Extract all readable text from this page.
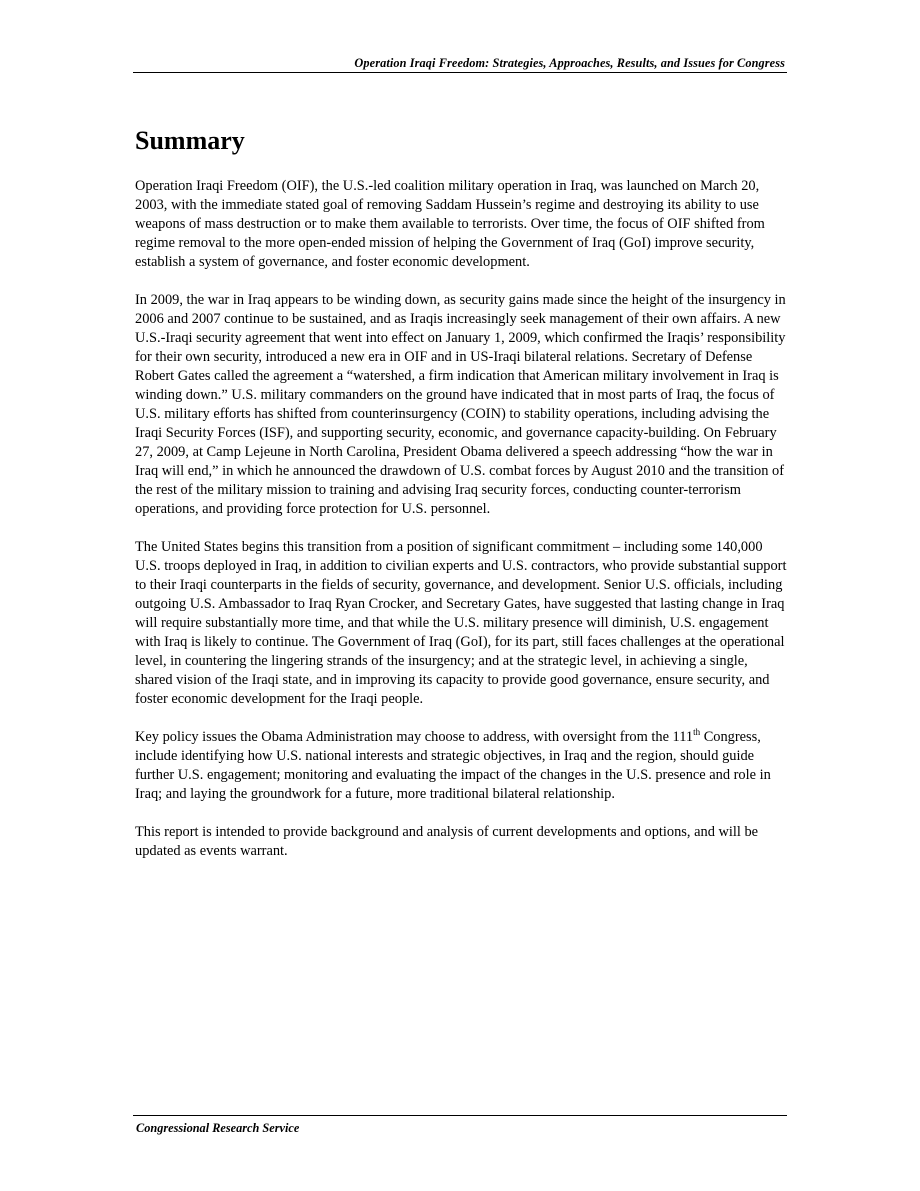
Operation Iraqi Freedom: Strategies, Approaches, Results, and Issues for Congress
Summary

Operation Iraqi Freedom (OIF), the U.S.-led coalition military operation in Iraq, was launched on March 20, 2003, with the immediate stated goal of removing Saddam Hussein’s regime and destroying its ability to use weapons of mass destruction or to make them available to terrorists. Over time, the focus of OIF shifted from regime removal to the more open-ended mission of helping the Government of Iraq (GoI) improve security, establish a system of governance, and foster economic development.

In 2009, the war in Iraq appears to be winding down, as security gains made since the height of the insurgency in 2006 and 2007 continue to be sustained, and as Iraqis increasingly seek management of their own affairs. A new U.S.-Iraqi security agreement that went into effect on January 1, 2009, which confirmed the Iraqis’ responsibility for their own security, introduced a new era in OIF and in US-Iraqi bilateral relations. Secretary of Defense Robert Gates called the agreement a “watershed, a firm indication that American military involvement in Iraq is winding down.” U.S. military commanders on the ground have indicated that in most parts of Iraq, the focus of U.S. military efforts has shifted from counterinsurgency (COIN) to stability operations, including advising the Iraqi Security Forces (ISF), and supporting security, economic, and governance capacity-building. On February 27, 2009, at Camp Lejeune in North Carolina, President Obama delivered a speech addressing “how the war in Iraq will end,” in which he announced the drawdown of U.S. combat forces by August 2010 and the transition of the rest of the military mission to training and advising Iraq security forces, conducting counter-terrorism operations, and providing force protection for U.S. personnel.

The United States begins this transition from a position of significant commitment – including some 140,000 U.S. troops deployed in Iraq, in addition to civilian experts and U.S. contractors, who provide substantial support to their Iraqi counterparts in the fields of security, governance, and development. Senior U.S. officials, including outgoing U.S. Ambassador to Iraq Ryan Crocker, and Secretary Gates, have suggested that lasting change in Iraq will require substantially more time, and that while the U.S. military presence will diminish, U.S. engagement with Iraq is likely to continue. The Government of Iraq (GoI), for its part, still faces challenges at the operational level, in countering the lingering strands of the insurgency; and at the strategic level, in achieving a single, shared vision of the Iraqi state, and in improving its capacity to provide good governance, ensure security, and foster economic development for the Iraqi people.

Key policy issues the Obama Administration may choose to address, with oversight from the 111th Congress, include identifying how U.S. national interests and strategic objectives, in Iraq and the region, should guide further U.S. engagement; monitoring and evaluating the impact of the changes in the U.S. presence and role in Iraq; and laying the groundwork for a future, more traditional bilateral relationship.

This report is intended to provide background and analysis of current developments and options, and will be updated as events warrant.

Congressional Research Service
